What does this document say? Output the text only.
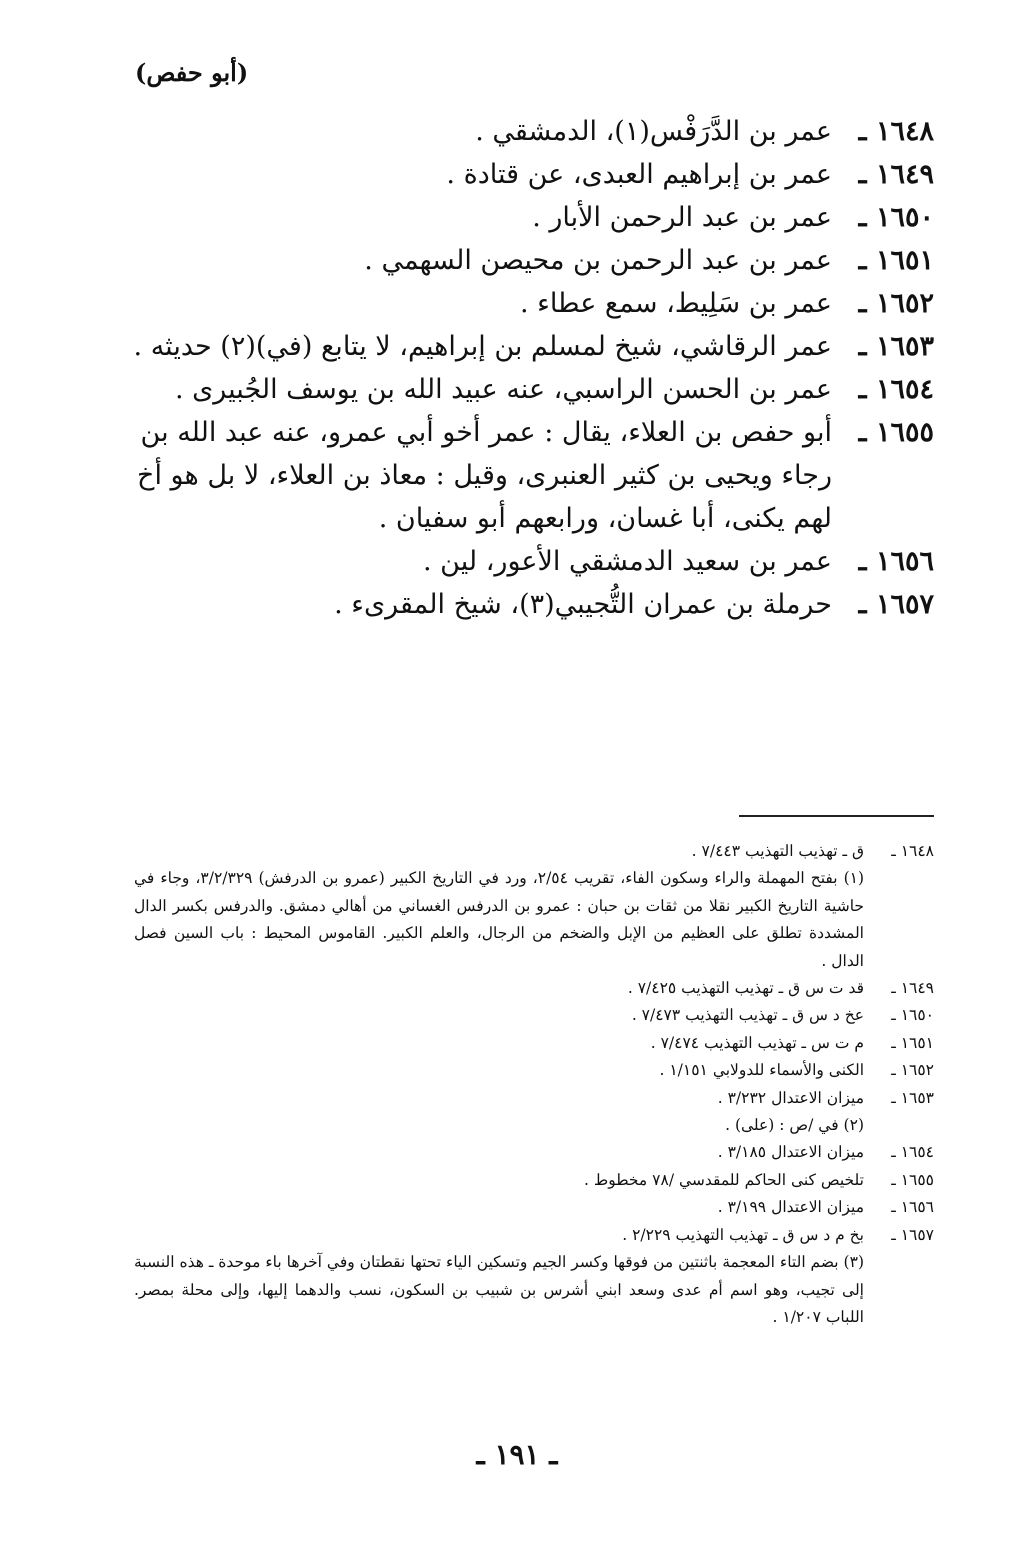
(أبو حفص)
١٦٤٨ ـ
عمر بن الدَّرَفْس(١)، الدمشقي .
١٦٤٩ ـ
عمر بن إبراهيم العبدى، عن قتادة .
١٦٥٠ ـ
عمر بن عبد الرحمن الأبار .
١٦٥١ ـ
عمر بن عبد الرحمن بن محيصن السهمي .
١٦٥٢ ـ
عمر بن سَلِيط، سمع عطاء .
١٦٥٣ ـ
عمر الرقاشي، شيخ لمسلم بن إبراهيم، لا يتابع (في)(٢) حديثه .
١٦٥٤ ـ
عمر بن الحسن الراسبي، عنه عبيد الله بن يوسف الجُبيرى .
١٦٥٥ ـ
أبو حفص بن العلاء، يقال : عمر أخو أبي عمرو، عنه عبد الله بن رجاء ويحيى بن كثير العنبرى، وقيل : معاذ بن العلاء، لا بل هو أخ لهم يكنى، أبا غسان، ورابعهم أبو سفيان .
١٦٥٦ ـ
عمر بن سعيد الدمشقي الأعور، لين .
١٦٥٧ ـ
حرملة بن عمران التُّجيبي(٣)، شيخ المقرىء .
١٦٤٨ ـ
ق ـ تهذيب التهذيب ٧/٤٤٣ .
(١) بفتح المهملة والراء وسكون الفاء، تقريب ٢/٥٤، ورد في التاريخ الكبير (عمرو بن الدرفش) ٣/٢/٣٢٩، وجاء في حاشية التاريخ الكبير نقلا من ثقات بن حبان : عمرو بن الدرفس الغساني من أهالي دمشق. والدرفس بكسر الدال المشددة تطلق على العظيم من الإبل والضخم من الرجال، والعلم الكبير. القاموس المحيط : باب السين فصل الدال .
١٦٤٩ ـ
قد ت س ق ـ تهذيب التهذيب ٧/٤٢٥ .
١٦٥٠ ـ
عخ د س ق ـ تهذيب التهذيب ٧/٤٧٣ .
١٦٥١ ـ
م ت س ـ تهذيب التهذيب ٧/٤٧٤ .
١٦٥٢ ـ
الكنى والأسماء للدولابي ١/١٥١ .
١٦٥٣ ـ
ميزان الاعتدال ٣/٢٣٢ .
(٢) في /ص : (على) .
١٦٥٤ ـ
ميزان الاعتدال ٣/١٨٥ .
١٦٥٥ ـ
تلخيص كنى الحاكم للمقدسي /٧٨ مخطوط .
١٦٥٦ ـ
ميزان الاعتدال ٣/١٩٩ .
١٦٥٧ ـ
بخ م د س ق ـ تهذيب التهذيب ٢/٢٢٩ .
(٣) بضم التاء المعجمة باثنتين من فوقها وكسر الجيم وتسكين الياء تحتها نقطتان وفي آخرها باء موحدة ـ هذه النسبة إلى تجيب، وهو اسم أم عدى وسعد ابني أشرس بن شبيب بن السكون، نسب والدهما إليها، وإلى محلة بمصر. اللباب ١/٢٠٧ .
ـ ١٩١ ـ
